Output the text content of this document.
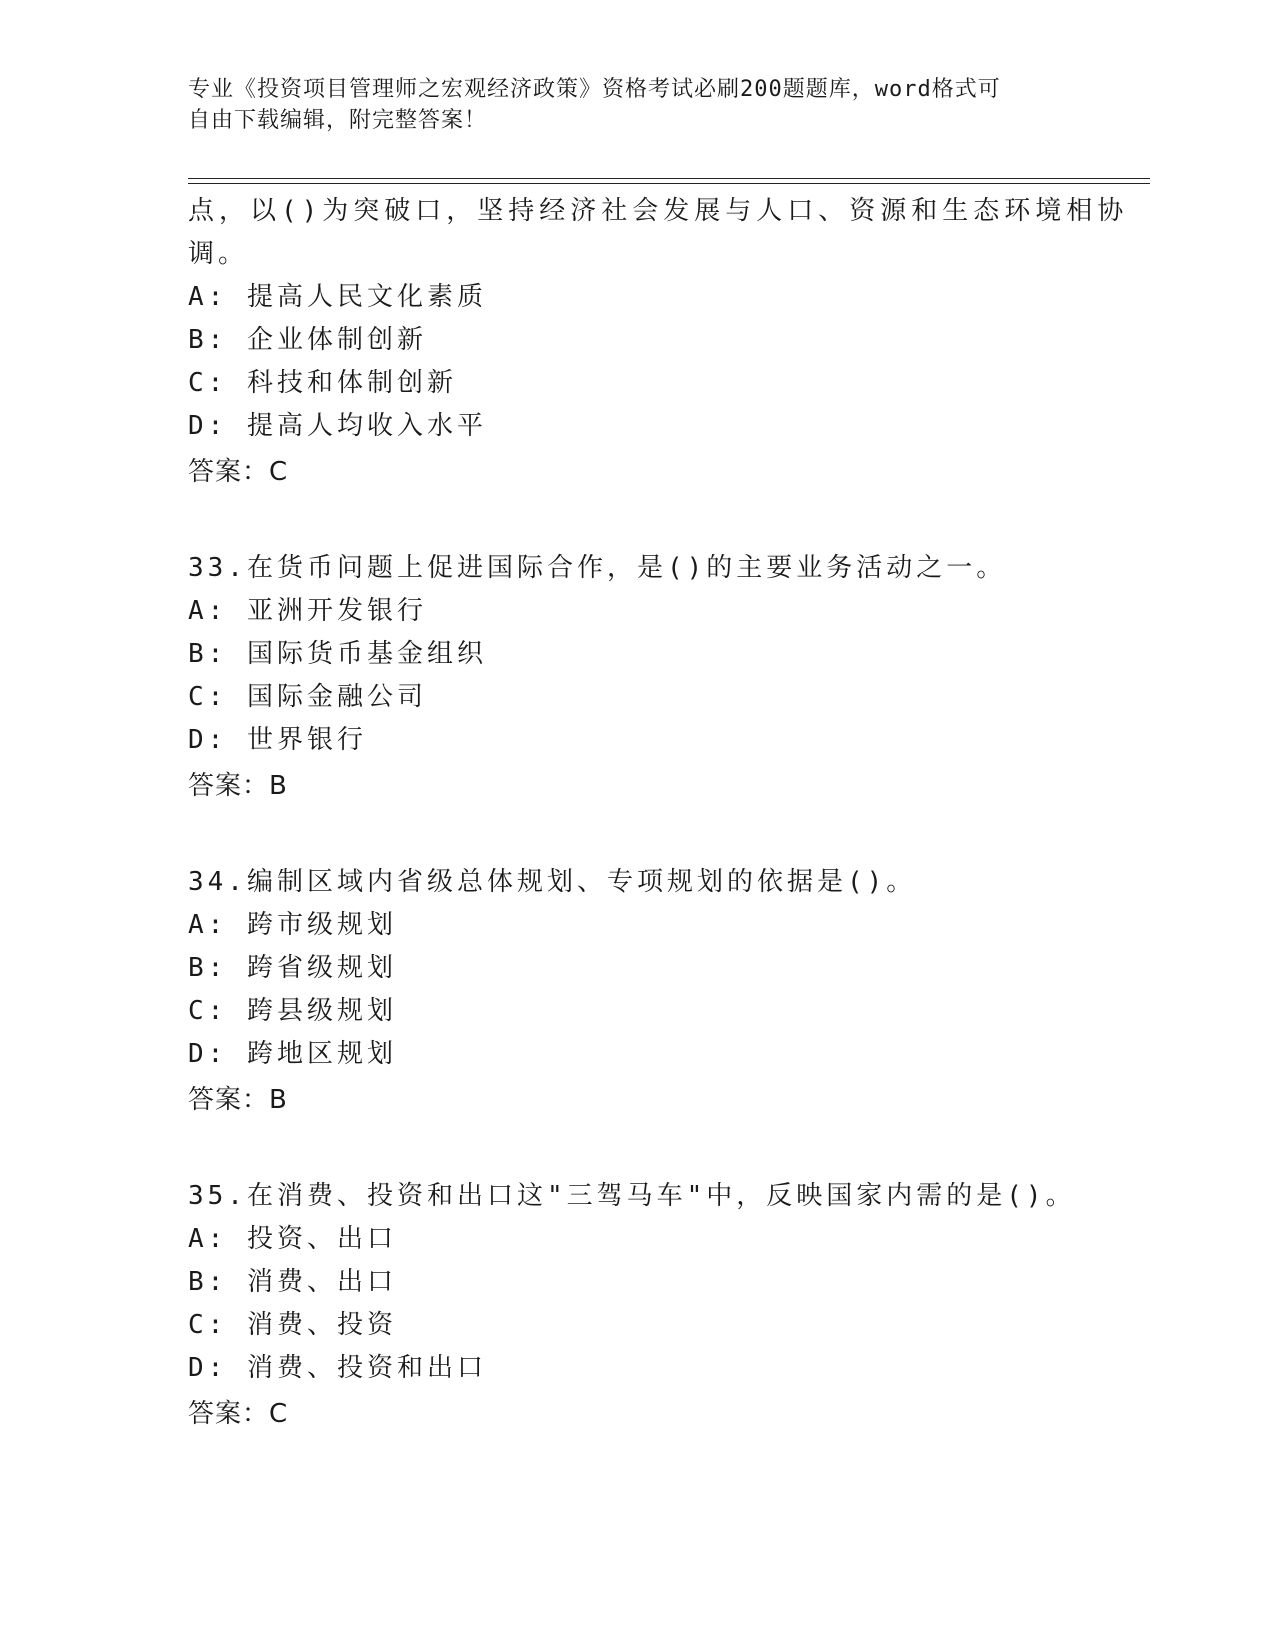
专业《投资项目管理师之宏观经济政策》资格考试必刷200题题库，word格式可
自由下载编辑，附完整答案！
点，以()为突破口，坚持经济社会发展与人口、资源和生态环境相协
调。
A: 提高人民文化素质
B: 企业体制创新
C: 科技和体制创新
D: 提高人均收入水平
答案：C
33.在货币问题上促进国际合作，是()的主要业务活动之一。
A: 亚洲开发银行
B: 国际货币基金组织
C: 国际金融公司
D: 世界银行
答案：B
34.编制区域内省级总体规划、专项规划的依据是()。
A: 跨市级规划
B: 跨省级规划
C: 跨县级规划
D: 跨地区规划
答案：B
35.在消费、投资和出口这"三驾马车"中，反映国家内需的是()。
A: 投资、出口
B: 消费、出口
C: 消费、投资
D: 消费、投资和出口
答案：C
